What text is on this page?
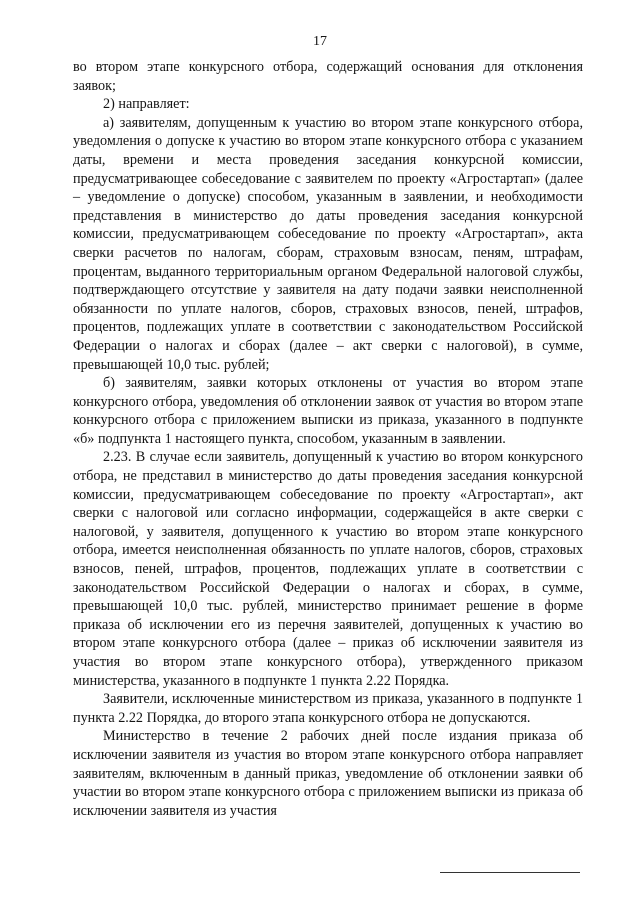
17

во втором этапе конкурсного отбора, содержащий основания для отклонения заявок;

2) направляет:

а) заявителям, допущенным к участию во втором этапе конкурсного отбора, уведомления о допуске к участию во втором этапе конкурсного отбора с указанием даты, времени и места проведения заседания конкурсной комиссии, предусматривающее собеседование с заявителем по проекту «Агростартап» (далее – уведомление о допуске) способом, указанным в заявлении, и необходимости представления в министерство до даты проведения заседания конкурсной комиссии, предусматривающем собеседование по проекту «Агростартап», акта сверки расчетов по налогам, сборам, страховым взносам, пеням, штрафам, процентам, выданного территориальным органом Федеральной налоговой службы, подтверждающего отсутствие у заявителя на дату подачи заявки неисполненной обязанности по уплате налогов, сборов, страховых взносов, пеней, штрафов, процентов, подлежащих уплате в соответствии с законодательством Российской Федерации о налогах и сборах (далее – акт сверки с налоговой), в сумме, превышающей 10,0 тыс. рублей;

б) заявителям, заявки которых отклонены от участия во втором этапе конкурсного отбора, уведомления об отклонении заявок от участия во втором этапе конкурсного отбора с приложением выписки из приказа, указанного в подпункте «б» подпункта 1 настоящего пункта, способом, указанным в заявлении.

2.23. В случае если заявитель, допущенный к участию во втором конкурсного отбора, не представил в министерство до даты проведения заседания конкурсной комиссии, предусматривающем собеседование по проекту «Агростартап», акт сверки с налоговой или согласно информации, содержащейся в акте сверки с налоговой, у заявителя, допущенного к участию во втором этапе конкурсного отбора, имеется неисполненная обязанность по уплате налогов, сборов, страховых взносов, пеней, штрафов, процентов, подлежащих уплате в соответствии с законодательством Российской Федерации о налогах и сборах, в сумме, превышающей 10,0 тыс. рублей, министерство принимает решение в форме приказа об исключении его из перечня заявителей, допущенных к участию во втором этапе конкурсного отбора (далее – приказ об исключении заявителя из участия во втором этапе конкурсного отбора), утвержденного приказом министерства, указанного в подпункте 1 пункта 2.22 Порядка.

Заявители, исключенные министерством из приказа, указанного в подпункте 1 пункта 2.22 Порядка, до второго этапа конкурсного отбора не допускаются.

Министерство в течение 2 рабочих дней после издания приказа об исключении заявителя из участия во втором этапе конкурсного отбора направляет заявителям, включенным в данный приказ, уведомление об отклонении заявки об участии во втором этапе конкурсного отбора с приложением выписки из приказа об исключении заявителя из участия
